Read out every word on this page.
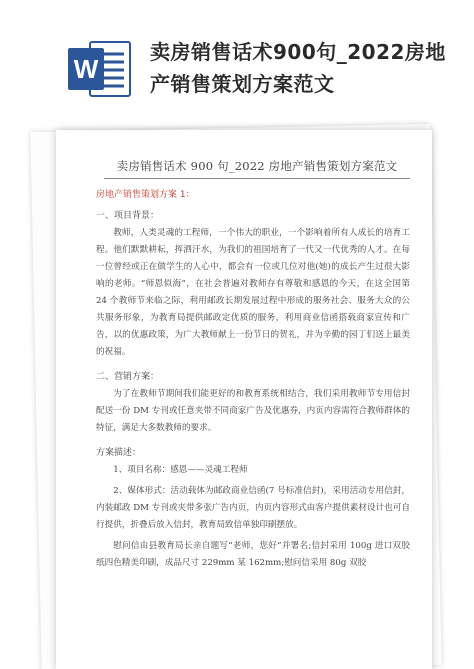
W
卖房销售话术900句_2022房地产销售策划方案范文
卖房销售话术 900 句_2022 房地产销售策划方案范文
房地产销售策划方案 1：
一、项目背景：
教师，人类灵魂的工程师，一个伟大的职业，一个影响着所有人成长的培育工程。他们默默耕耘，挥洒汗水，为我们的祖国培育了一代又一代优秀的人才。在每一位曾经或正在做学生的人心中，都会有一位或几位对他(她)的成长产生过很大影响的老师。“师恩似海”，在社会普遍对教师存有尊敬和感恩的今天，在这全国第 24 个教师节来临之际，利用邮政长期发展过程中形成的服务社会、服务大众的公共服务形象，为教育局提供邮政定优质的服务，利用商业信函搭载商家宣传和广告，以的优惠政策，为广大教师献上一份节日的贺礼，并为辛勤的园丁们送上最美的祝福。
二、营销方案：
为了在教师节期间我们能更好的和教育系统相结合，我们采用教师节专用信封配送一份 DM 专刊或任意夹带不同商家广告及优惠券，内页内容需符合教师群体的特征，满足大多数教师的要求。
方案描述：
1、项目名称：感恩——灵魂工程师
2、媒体形式：活动载体为邮政商业信函(7 号标准信封)，采用活动专用信封，内装邮政 DM 专刊或夹带多张广告内页，内页内容形式由客户提供素材设计也可自行提供，折叠后放入信封，教育局致信单独印刷摆放。
慰问信由县教育局长亲自题写“老师，您好”并署名;信封采用 100g 进口双胶纸四色精美印刷，成品尺寸 229mm 某 162mm;慰问信采用 80g 双胶
